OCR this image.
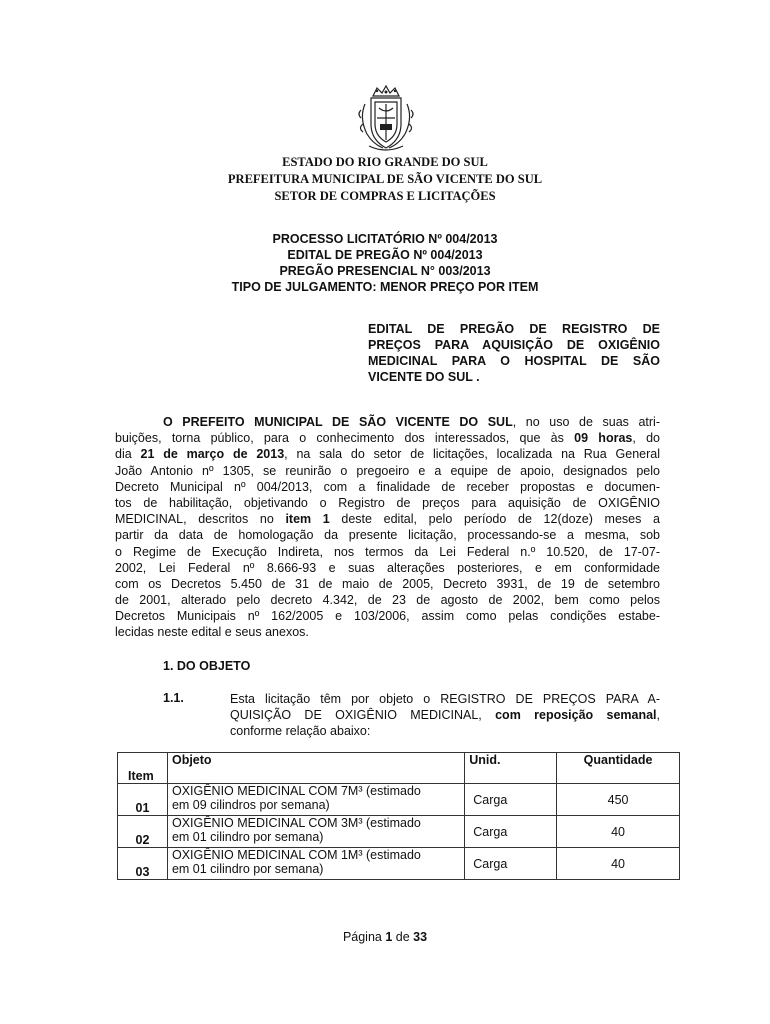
ESTADO DO RIO GRANDE DO SUL
PREFEITURA MUNICIPAL DE SÃO VICENTE DO SUL
SETOR DE COMPRAS E LICITAÇÕES
PROCESSO LICITATÓRIO Nº 004/2013
EDITAL DE PREGÃO Nº 004/2013
PREGÃO PRESENCIAL N° 003/2013
TIPO DE JULGAMENTO: MENOR PREÇO POR ITEM
EDITAL DE PREGÃO DE REGISTRO DE
PREÇOS PARA AQUISIÇÃO DE OXIGÊNIO
MEDICINAL PARA O HOSPITAL DE SÃO
VICENTE DO SUL .
O PREFEITO MUNICIPAL DE SÃO VICENTE DO SUL, no uso de suas atri-
buições, torna público, para o conhecimento dos interessados, que às 09 horas, do
dia 21 de março de 2013, na sala do setor de licitações, localizada na Rua General
João Antonio nº 1305, se reunirão o pregoeiro e a equipe de apoio, designados pelo
Decreto Municipal nº 004/2013, com a finalidade de receber propostas e documen-
tos de habilitação, objetivando o Registro de preços para aquisição de OXIGÊNIO
MEDICINAL, descritos no item 1 deste edital, pelo período de 12(doze) meses a
partir da data de homologação da presente licitação, processando-se a mesma, sob
o Regime de Execução Indireta, nos termos da Lei Federal n.º 10.520, de 17-07-
2002, Lei Federal nº 8.666-93 e suas alterações posteriores, e em conformidade
com os Decretos 5.450 de 31 de maio de 2005, Decreto 3931, de 19 de setembro
de 2001, alterado pelo decreto 4.342, de 23 de agosto de 2002, bem como pelos
Decretos Municipais nº 162/2005 e 103/2006, assim como pelas condições estabe-
lecidas neste edital e seus anexos.
1. DO OBJETO
1.1.	Esta licitação têm por objeto o REGISTRO DE PREÇOS PARA A-
QUISIÇÃO DE OXIGÊNIO MEDICINAL, com reposição semanal,
conforme relação abaixo:
Item	Objeto	Unid.	Quantidade
01	OXIGÊNIO MEDICINAL COM 7M³ (estimado
em 09 cilindros por semana)	Carga	450
02	OXIGÊNIO MEDICINAL COM 3M³ (estimado
em 01 cilindro por semana)	Carga	40
03	OXIGÊNIO MEDICINAL COM 1M³ (estimado
em 01 cilindro por semana)	Carga	40
Página 1 de 33
